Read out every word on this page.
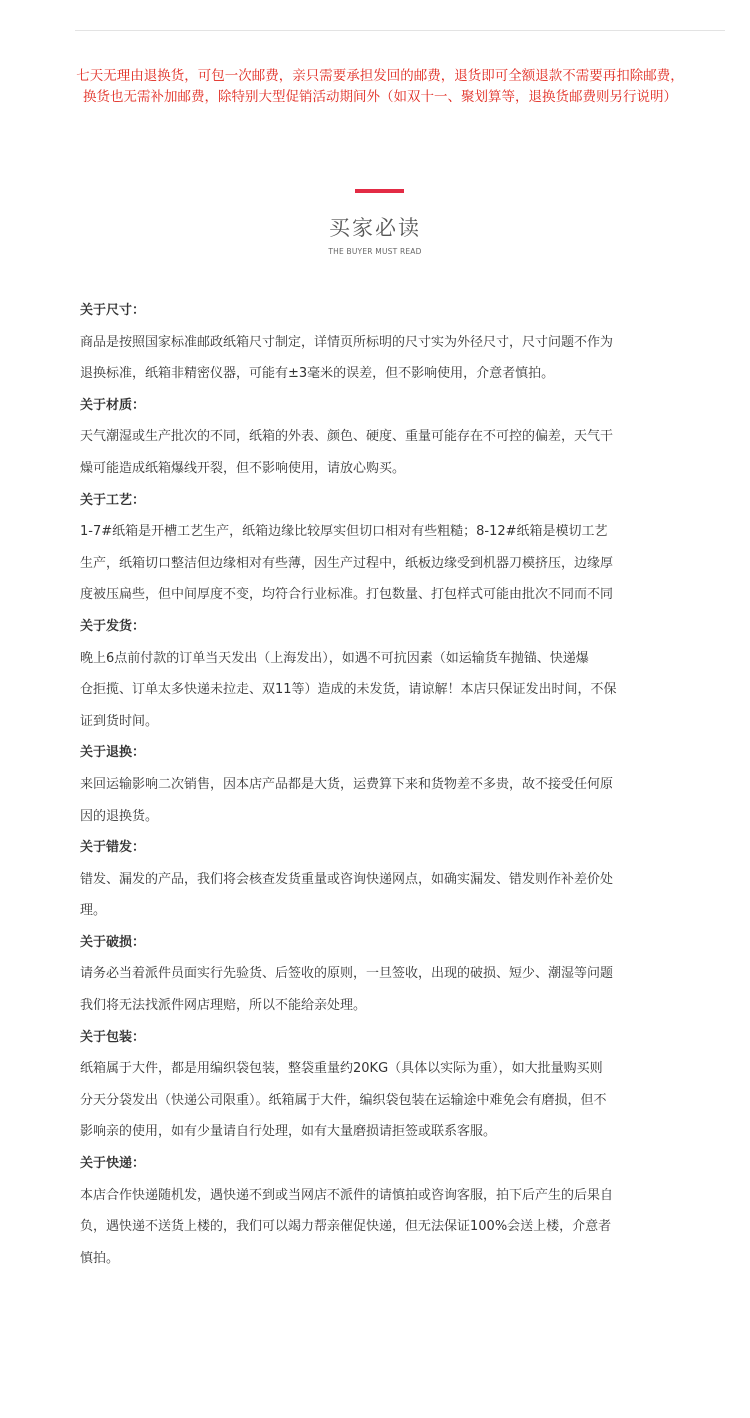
七天无理由退换货，可包一次邮费，亲只需要承担发回的邮费，退货即可全额退款不需要再扣除邮费，

换货也无需补加邮费，除特别大型促销活动期间外（如双十一、聚划算等，退换货邮费则另行说明）

买家必读
THE BUYER MUST READ
关于尺寸：
商品是按照国家标准邮政纸箱尺寸制定，详情页所标明的尺寸实为外径尺寸，尺寸问题不作为
退换标准，纸箱非精密仪器，可能有±3毫米的误差，但不影响使用，介意者慎拍。
关于材质：
天气潮湿或生产批次的不同，纸箱的外表、颜色、硬度、重量可能存在不可控的偏差，天气干
燥可能造成纸箱爆线开裂，但不影响使用，请放心购买。
关于工艺：
1-7#纸箱是开槽工艺生产，纸箱边缘比较厚实但切口相对有些粗糙；8-12#纸箱是模切工艺
生产，纸箱切口整洁但边缘相对有些薄，因生产过程中，纸板边缘受到机器刀模挤压，边缘厚
度被压扁些，但中间厚度不变，均符合行业标准。打包数量、打包样式可能由批次不同而不同
关于发货：
晚上6点前付款的订单当天发出（上海发出），如遇不可抗因素（如运输货车抛锚、快递爆
仓拒揽、订单太多快递未拉走、双11等）造成的未发货，请谅解！本店只保证发出时间，不保
证到货时间。
关于退换：
来回运输影响二次销售，因本店产品都是大货，运费算下来和货物差不多贵，故不接受任何原
因的退换货。
关于错发：
错发、漏发的产品，我们将会核查发货重量或咨询快递网点，如确实漏发、错发则作补差价处
理。
关于破损：
请务必当着派件员面实行先验货、后签收的原则，一旦签收，出现的破损、短少、潮湿等问题
我们将无法找派件网店理赔，所以不能给亲处理。
关于包装：
纸箱属于大件，都是用编织袋包装，整袋重量约20KG（具体以实际为重），如大批量购买则
分天分袋发出（快递公司限重）。纸箱属于大件，编织袋包装在运输途中难免会有磨损，但不
影响亲的使用，如有少量请自行处理，如有大量磨损请拒签或联系客服。
关于快递：
本店合作快递随机发，遇快递不到或当网店不派件的请慎拍或咨询客服，拍下后产生的后果自
负，遇快递不送货上楼的，我们可以竭力帮亲催促快递，但无法保证100%会送上楼，介意者
慎拍。
